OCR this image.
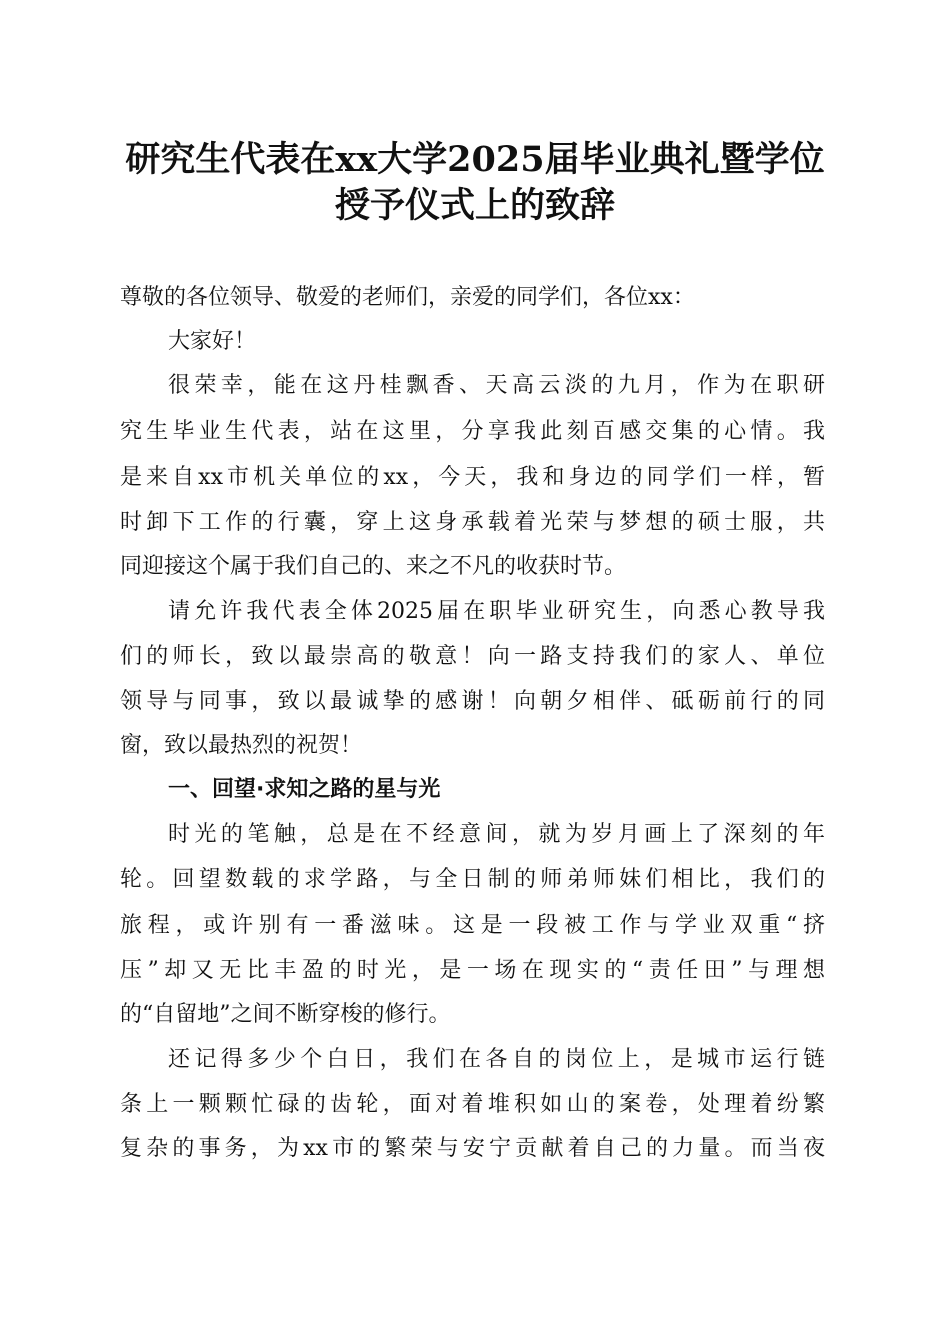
研究生代表在xx大学2025届毕业典礼暨学位
授予仪式上的致辞
尊敬的各位领导、敬爱的老师们，亲爱的同学们，各位xx：
大家好！
很荣幸，能在这丹桂飘香、天高云淡的九月，作为在职研
究生毕业生代表，站在这里，分享我此刻百感交集的心情。我
是来自xx市机关单位的xx，今天，我和身边的同学们一样，暂
时卸下工作的行囊，穿上这身承载着光荣与梦想的硕士服，共
同迎接这个属于我们自己的、来之不凡的收获时节。
请允许我代表全体2025届在职毕业研究生，向悉心教导我
们的师长，致以最崇高的敬意！向一路支持我们的家人、单位
领导与同事，致以最诚挚的感谢！向朝夕相伴、砥砺前行的同
窗，致以最热烈的祝贺！
一、回望·求知之路的星与光
时光的笔触，总是在不经意间，就为岁月画上了深刻的年
轮。回望数载的求学路，与全日制的师弟师妹们相比，我们的
旅程，或许别有一番滋味。这是一段被工作与学业双重“挤
压”却又无比丰盈的时光，是一场在现实的“责任田”与理想
的“自留地”之间不断穿梭的修行。
还记得多少个白日，我们在各自的岗位上，是城市运行链
条上一颗颗忙碌的齿轮，面对着堆积如山的案卷，处理着纷繁
复杂的事务，为xx市的繁荣与安宁贡献着自己的力量。而当夜
